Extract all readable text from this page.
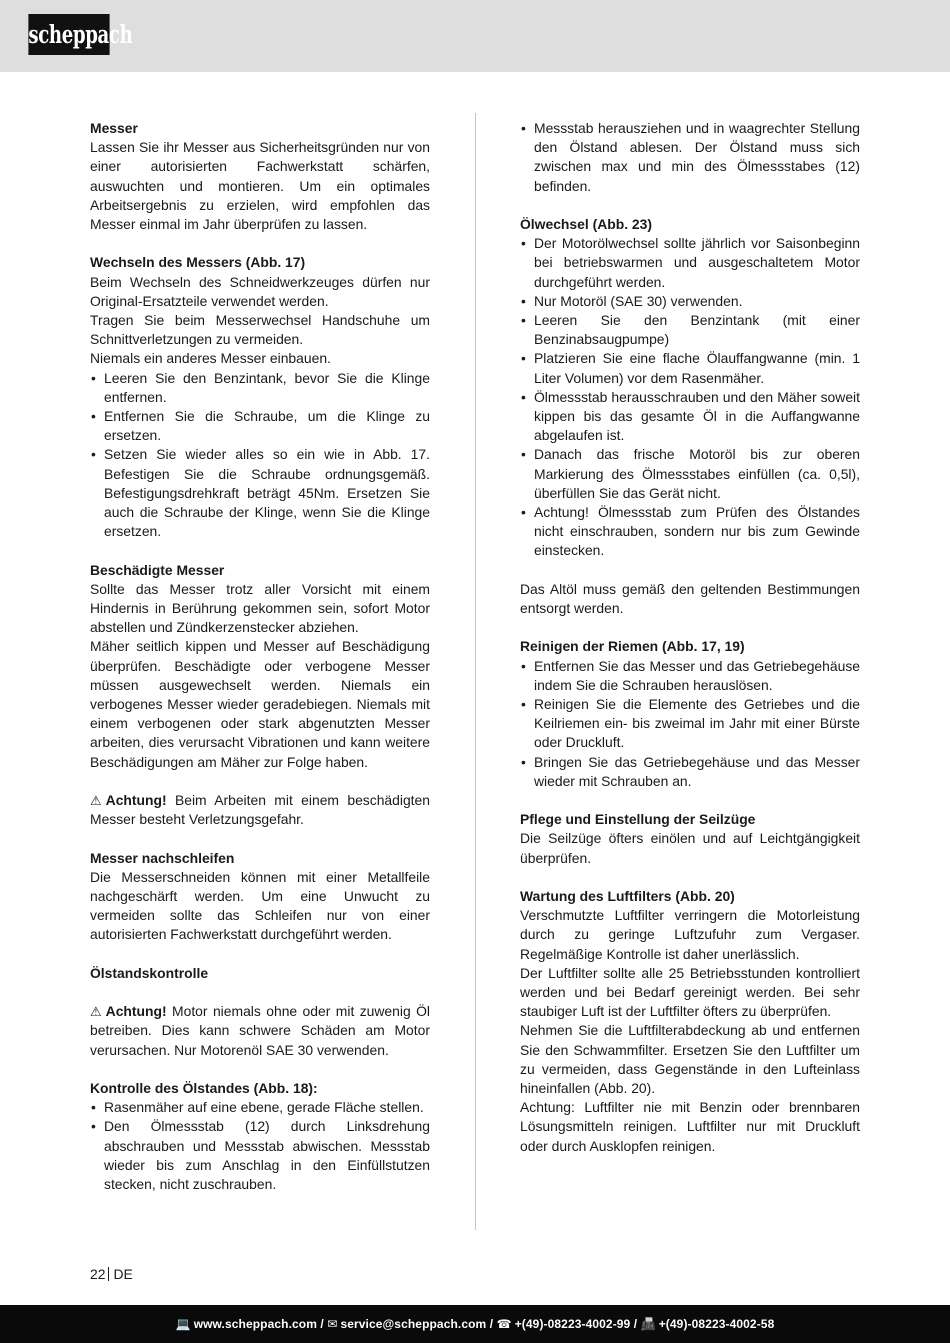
scheppach
Messer
Lassen Sie ihr Messer aus Sicherheitsgründen nur von einer autorisierten Fachwerkstatt schärfen, auswuchten und montieren. Um ein optimales Arbeitsergebnis zu erzielen, wird empfohlen das Messer einmal im Jahr überprüfen zu lassen.
Wechseln des Messers (Abb. 17)
Beim Wechseln des Schneidwerkzeuges dürfen nur Original-Ersatzteile verwendet werden.
Tragen Sie beim Messerwechsel Handschuhe um Schnittverletzungen zu vermeiden.
Niemals ein anderes Messer einbauen.
• Leeren Sie den Benzintank, bevor Sie die Klinge entfernen.
• Entfernen Sie die Schraube, um die Klinge zu ersetzen.
• Setzen Sie wieder alles so ein wie in Abb. 17. Befestigen Sie die Schraube ordnungsgemäß. Befestigungsdrehkraft beträgt 45Nm. Ersetzen Sie auch die Schraube der Klinge, wenn Sie die Klinge ersetzen.
Beschädigte Messer
Sollte das Messer trotz aller Vorsicht mit einem Hindernis in Berührung gekommen sein, sofort Motor abstellen und Zündkerzenstecker abziehen.
Mäher seitlich kippen und Messer auf Beschädigung überprüfen. Beschädigte oder verbogene Messer müssen ausgewechselt werden. Niemals ein verbogenes Messer wieder geradebiegen. Niemals mit einem verbogenen oder stark abgenutzten Messer arbeiten, dies verursacht Vibrationen und kann weitere Beschädigungen am Mäher zur Folge haben.
⚠ Achtung! Beim Arbeiten mit einem beschädigten Messer besteht Verletzungsgefahr.
Messer nachschleifen
Die Messerschneiden können mit einer Metallfeile nachgeschärft werden. Um eine Unwucht zu vermeiden sollte das Schleifen nur von einer autorisierten Fachwerkstatt durchgeführt werden.
Ölstandskontrolle
⚠ Achtung! Motor niemals ohne oder mit zuwenig Öl betreiben. Dies kann schwere Schäden am Motor verursachen. Nur Motorenöl SAE 30 verwenden.
Kontrolle des Ölstandes (Abb. 18):
• Rasenmäher auf eine ebene, gerade Fläche stellen.
• Den Ölmessstab (12) durch Linksdrehung abschrauben und Messstab abwischen. Messstab wieder bis zum Anschlag in den Einfüllstutzen stecken, nicht zuschrauben.
• Messstab herausziehen und in waagrechter Stellung den Ölstand ablesen. Der Ölstand muss sich zwischen max und min des Ölmessstabes (12) befinden.
Ölwechsel (Abb. 23)
• Der Motorölwechsel sollte jährlich vor Saisonbeginn bei betriebswarmen und ausgeschaltetem Motor durchgeführt werden.
• Nur Motoröl (SAE 30) verwenden.
• Leeren Sie den Benzintank (mit einer Benzinabsaugpumpe)
• Platzieren Sie eine flache Ölauffangwanne (min. 1 Liter Volumen) vor dem Rasenmäher.
• Ölmessstab herausschrauben und den Mäher soweit kippen bis das gesamte Öl in die Auffangwanne abgelaufen ist.
• Danach das frische Motoröl bis zur oberen Markierung des Ölmessstabes einfüllen (ca. 0,5l), überfüllen Sie das Gerät nicht.
• Achtung! Ölmessstab zum Prüfen des Ölstandes nicht einschrauben, sondern nur bis zum Gewinde einstecken.
Das Altöl muss gemäß den geltenden Bestimmungen entsorgt werden.
Reinigen der Riemen (Abb. 17, 19)
• Entfernen Sie das Messer und das Getriebegehäuse indem Sie die Schrauben herauslösen.
• Reinigen Sie die Elemente des Getriebes und die Keilriemen ein- bis zweimal im Jahr mit einer Bürste oder Druckluft.
• Bringen Sie das Getriebegehäuse und das Messer wieder mit Schrauben an.
Pflege und Einstellung der Seilzüge
Die Seilzüge öfters einölen und auf Leichtgängigkeit überprüfen.
Wartung des Luftfilters (Abb. 20)
Verschmutzte Luftfilter verringern die Motorleistung durch zu geringe Luftzufuhr zum Vergaser. Regelmäßige Kontrolle ist daher unerlässlich.
Der Luftfilter sollte alle 25 Betriebsstunden kontrolliert werden und bei Bedarf gereinigt werden. Bei sehr staubiger Luft ist der Luftfilter öfters zu überprüfen.
Nehmen Sie die Luftfilterabdeckung ab und entfernen Sie den Schwammfilter. Ersetzen Sie den Luftfilter um zu vermeiden, dass Gegenstände in den Lufteinlass hineinfallen (Abb. 20).
Achtung: Luftfilter nie mit Benzin oder brennbaren Lösungsmitteln reinigen. Luftfilter nur mit Druckluft oder durch Ausklopfen reinigen.
22 DE
💻 www.scheppach.com / ✉ service@scheppach.com / ☎ +(49)-08223-4002-99 / 📠 +(49)-08223-4002-58
